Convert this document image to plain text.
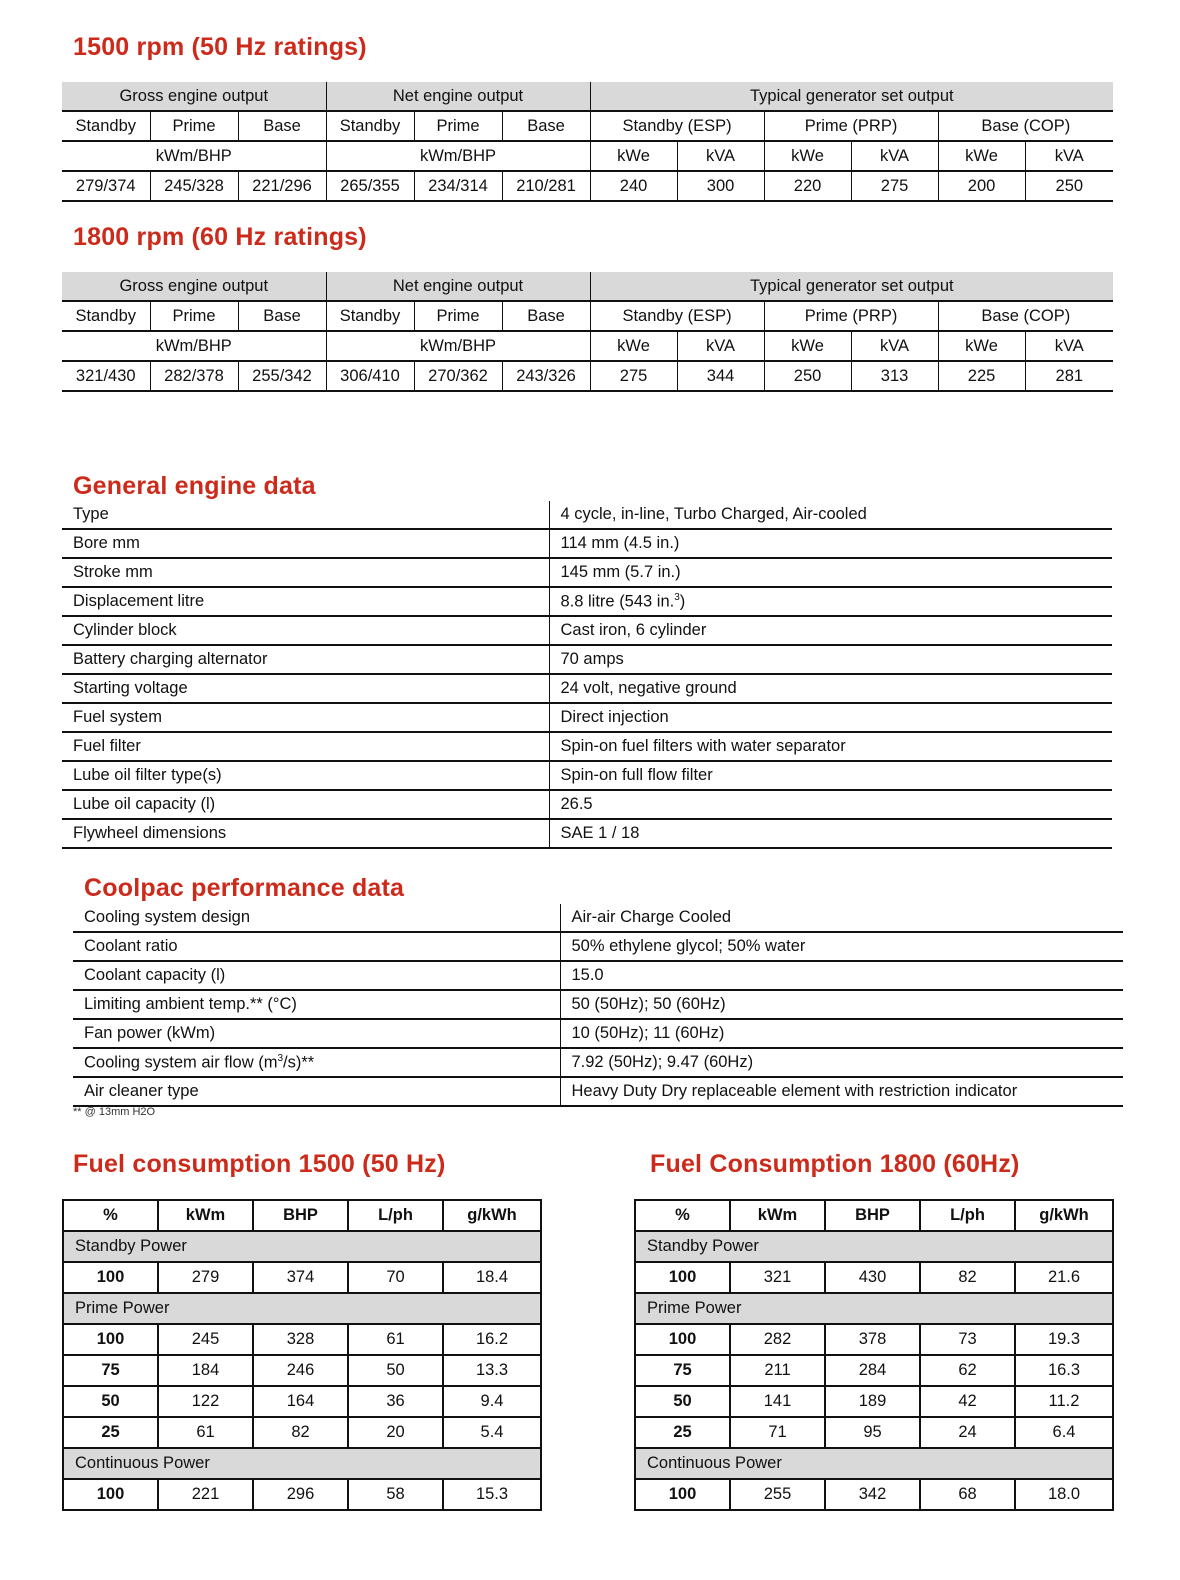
1500 rpm (50 Hz ratings)
Gross engine output			Net engine output			Typical generator set output					
Standby	Prime	Base	Standby	Prime	Base	Standby (ESP)		Prime (PRP)		Base (COP)	
kWm/BHP			kWm/BHP			kWe	kVA	kWe	kVA	kWe	kVA
279/374	245/328	221/296	265/355	234/314	210/281	240	300	220	275	200	250
1800 rpm (60 Hz ratings)
Gross engine output			Net engine output			Typical generator set output					
Standby	Prime	Base	Standby	Prime	Base	Standby (ESP)		Prime (PRP)		Base (COP)	
kWm/BHP			kWm/BHP			kWe	kVA	kWe	kVA	kWe	kVA
321/430	282/378	255/342	306/410	270/362	243/326	275	344	250	313	225	281
General engine data
Type	4 cycle, in-line, Turbo Charged, Air-cooled
Bore mm	114 mm (4.5 in.)
Stroke mm	145 mm (5.7 in.)
Displacement litre	8.8 litre (543 in.$^3$)
Cylinder block	Cast iron, 6 cylinder
Battery charging alternator	70 amps
Starting voltage	24 volt, negative ground
Fuel system	Direct injection
Fuel filter	Spin-on fuel filters with water separator
Lube oil filter type(s)	Spin-on full flow filter
Lube oil capacity (l)	26.5
Flywheel dimensions	SAE 1 / 18
Coolpac performance data
Cooling system design	Air-air Charge Cooled
Coolant ratio	50% ethylene glycol; 50% water
Coolant capacity (l)	15.0
Limiting ambient temp.** (°C)	50 (50Hz); 50 (60Hz)
Fan power (kWm)	10 (50Hz); 11 (60Hz)
Cooling system air flow $(m^3/s)**$	7.92 (50Hz); 9.47 (60Hz)
Air cleaner type	Heavy Duty Dry replaceable element with restriction indicator
** @ 13mm H2O
Fuel consumption 1500 (50 Hz)
%	kWm	BHP	L/ph	g/kWh
Standby Power				
100	279	374	70	18.4
Prime Power				
100	245	328	61	16.2
75	184	246	50	13.3
50	122	164	36	9.4
25	61	82	20	5.4
Continuous Power				
100	221	296	58	15.3
Fuel Consumption 1800 (60Hz)
%	kWm	BHP	L/ph	g/kWh
Standby Power				
100	321	430	82	21.6
Prime Power				
100	282	378	73	19.3
75	211	284	62	16.3
50	141	189	42	11.2
25	71	95	24	6.4
Continuous Power				
100	255	342	68	18.0
